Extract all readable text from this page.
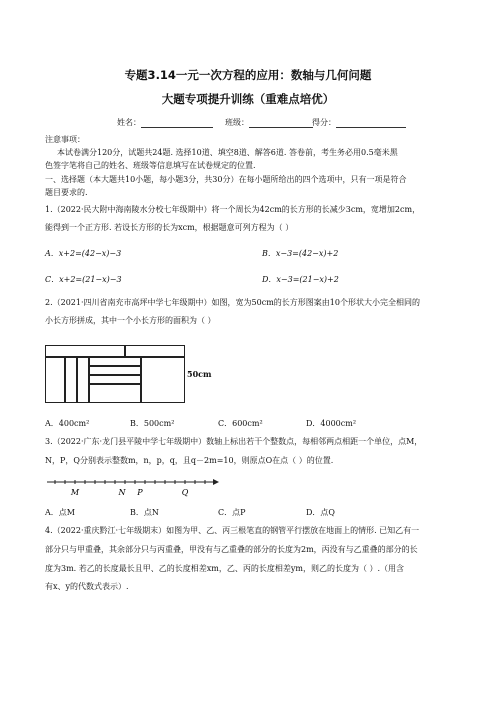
专题3.14一元一次方程的应用：数轴与几何问题
大题专项提升训练（重难点培优）
姓名：	班级：	得分：
注意事项：
本试卷满分120分，试题共24题. 选择10道、填空8道、解答6道. 答卷前，考生务必用0.5毫米黑
色签字笔将自己的姓名、班级等信息填写在试卷规定的位置.
一、选择题（本大题共10小题，每小题3分，共30分）在每小题所给出的四个选项中，只有一项是符合
题目要求的.
1.（2022·民大附中海南陵水分校七年级期中）将一个周长为42cm的长方形的长减少3cm，宽增加2cm，
能得到一个正方形. 若设长方形的长为xcm，根据题意可列方程为（ ）
A．x+2=(42−x)−3	B．x−3=(42−x)+2
C．x+2=(21−x)−3	D．x−3=(21−x)+2
2.（2021·四川省南充市高坪中学七年级期中）如图，宽为50cm的长方形图案由10个形状大小完全相同的
小长方形拼成，其中一个小长方形的面积为（ ）
50cm
A．400cm²	B．500cm²	C．600cm²	D．4000cm²
3.（2022·广东·龙门县平陵中学七年级期中）数轴上标出若干个整数点，每相邻两点相距一个单位，点M，
N，P，Q分别表示整数m，n，p，q，且q－2m=10，则原点O在点（ ）的位置.
M	N P	Q
A．点M	B．点N	C．点P	D．点Q
4.（2022·重庆黔江·七年级期末）如图为甲、乙、丙三根笔直的钢管平行摆放在地面上的情形. 已知乙有一
部分只与甲重叠，其余部分只与丙重叠，甲没有与乙重叠的部分的长度为2m，丙没有与乙重叠的部分的长
度为3m. 若乙的长度最长且甲、乙的长度相差xm，乙、丙的长度相差ym，则乙的长度为（ ）.（用含
有x、y的代数式表示）.
